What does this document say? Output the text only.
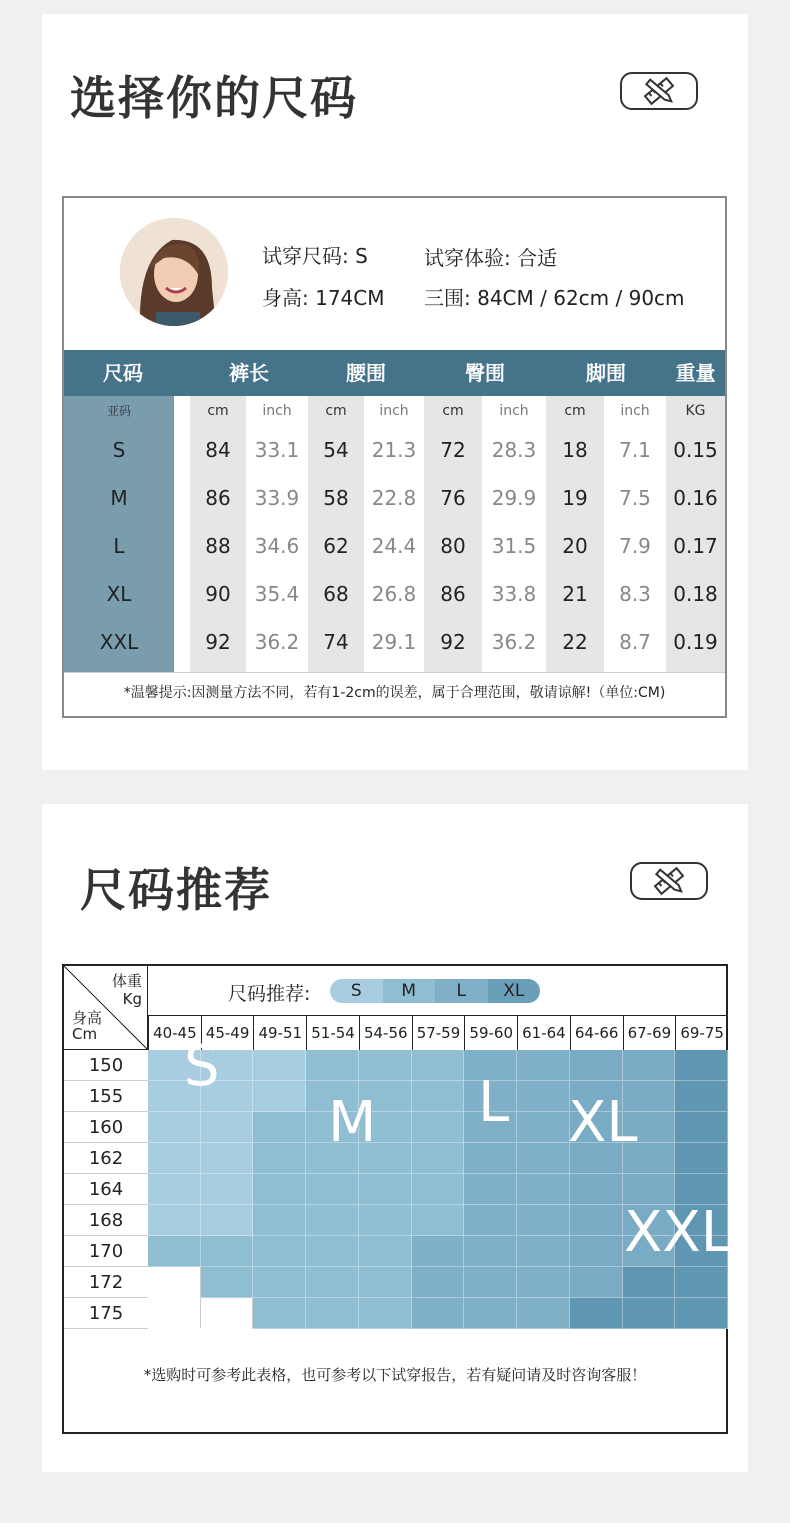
选择你的尺码
试穿尺码: S	试穿体验: 合适
身高: 174CM 三围: 84CM / 62cm / 90cm
尺码	裤长	腰围	臀围	脚围	重量
亚码	cm	inch	cm	inch	cm	inch	cm	inch	KG
S	84	33.1	54	21.3	72	28.3	18	7.1	0.15
M	86	33.9	58	22.8	76	29.9	19	7.5	0.16
L	88	34.6	62	24.4	80	31.5	20	7.9	0.17
XL	90	35.4	68	26.8	86	33.8	21	8.3	0.18
XXL	92	36.2	74	29.1	92	36.2	22	8.7	0.19
*温馨提示:因测量方法不同，若有1-2cm的误差，属于合理范围，敬请谅解!（单位:CM)
尺码推荐
体重
Kg
身高
Cm
尺码推荐:	S	M	L	XL
40-45 45-49 49-51 51-54 54-56 57-59 59-60 61-64 64-66 67-69 69-75
150
155
160
162
164
168
170
172
175
S
M L XL
XXL
*选购时可参考此表格，也可参考以下试穿报告，若有疑问请及时咨询客服！
